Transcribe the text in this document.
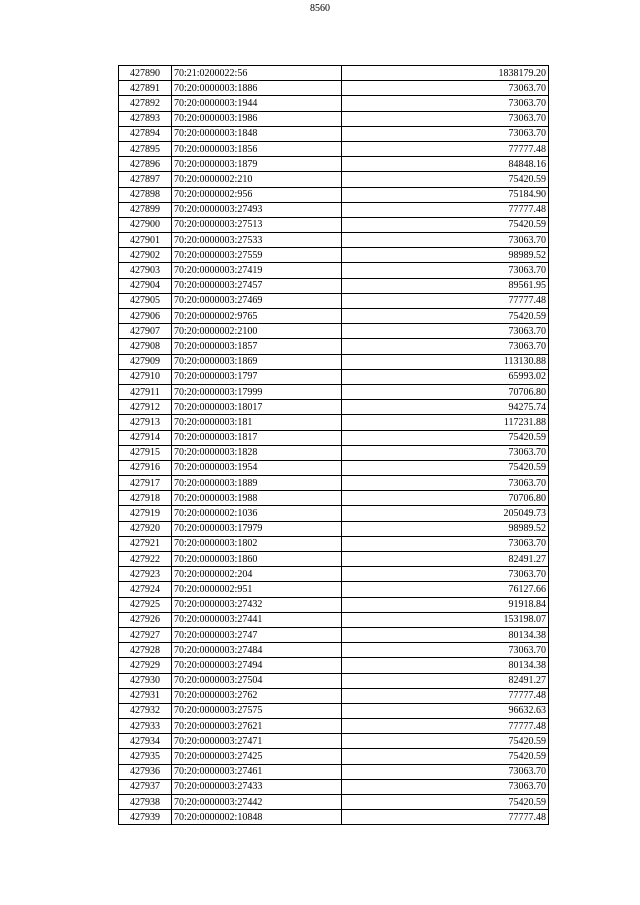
8560
427890	70:21:0200022:56	1838179.20
427891	70:20:0000003:1886	73063.70
427892	70:20:0000003:1944	73063.70
427893	70:20:0000003:1986	73063.70
427894	70:20:0000003:1848	73063.70
427895	70:20:0000003:1856	77777.48
427896	70:20:0000003:1879	84848.16
427897	70:20:0000002:210	75420.59
427898	70:20:0000002:956	75184.90
427899	70:20:0000003:27493	77777.48
427900	70:20:0000003:27513	75420.59
427901	70:20:0000003:27533	73063.70
427902	70:20:0000003:27559	98989.52
427903	70:20:0000003:27419	73063.70
427904	70:20:0000003:27457	89561.95
427905	70:20:0000003:27469	77777.48
427906	70:20:0000002:9765	75420.59
427907	70:20:0000002:2100	73063.70
427908	70:20:0000003:1857	73063.70
427909	70:20:0000003:1869	113130.88
427910	70:20:0000003:1797	65993.02
427911	70:20:0000003:17999	70706.80
427912	70:20:0000003:18017	94275.74
427913	70:20:0000003:181	117231.88
427914	70:20:0000003:1817	75420.59
427915	70:20:0000003:1828	73063.70
427916	70:20:0000003:1954	75420.59
427917	70:20:0000003:1889	73063.70
427918	70:20:0000003:1988	70706.80
427919	70:20:0000002:1036	205049.73
427920	70:20:0000003:17979	98989.52
427921	70:20:0000003:1802	73063.70
427922	70:20:0000003:1860	82491.27
427923	70:20:0000002:204	73063.70
427924	70:20:0000002:951	76127.66
427925	70:20:0000003:27432	91918.84
427926	70:20:0000003:27441	153198.07
427927	70:20:0000003:2747	80134.38
427928	70:20:0000003:27484	73063.70
427929	70:20:0000003:27494	80134.38
427930	70:20:0000003:27504	82491.27
427931	70:20:0000003:2762	77777.48
427932	70:20:0000003:27575	96632.63
427933	70:20:0000003:27621	77777.48
427934	70:20:0000003:27471	75420.59
427935	70:20:0000003:27425	75420.59
427936	70:20:0000003:27461	73063.70
427937	70:20:0000003:27433	73063.70
427938	70:20:0000003:27442	75420.59
427939	70:20:0000002:10848	77777.48
